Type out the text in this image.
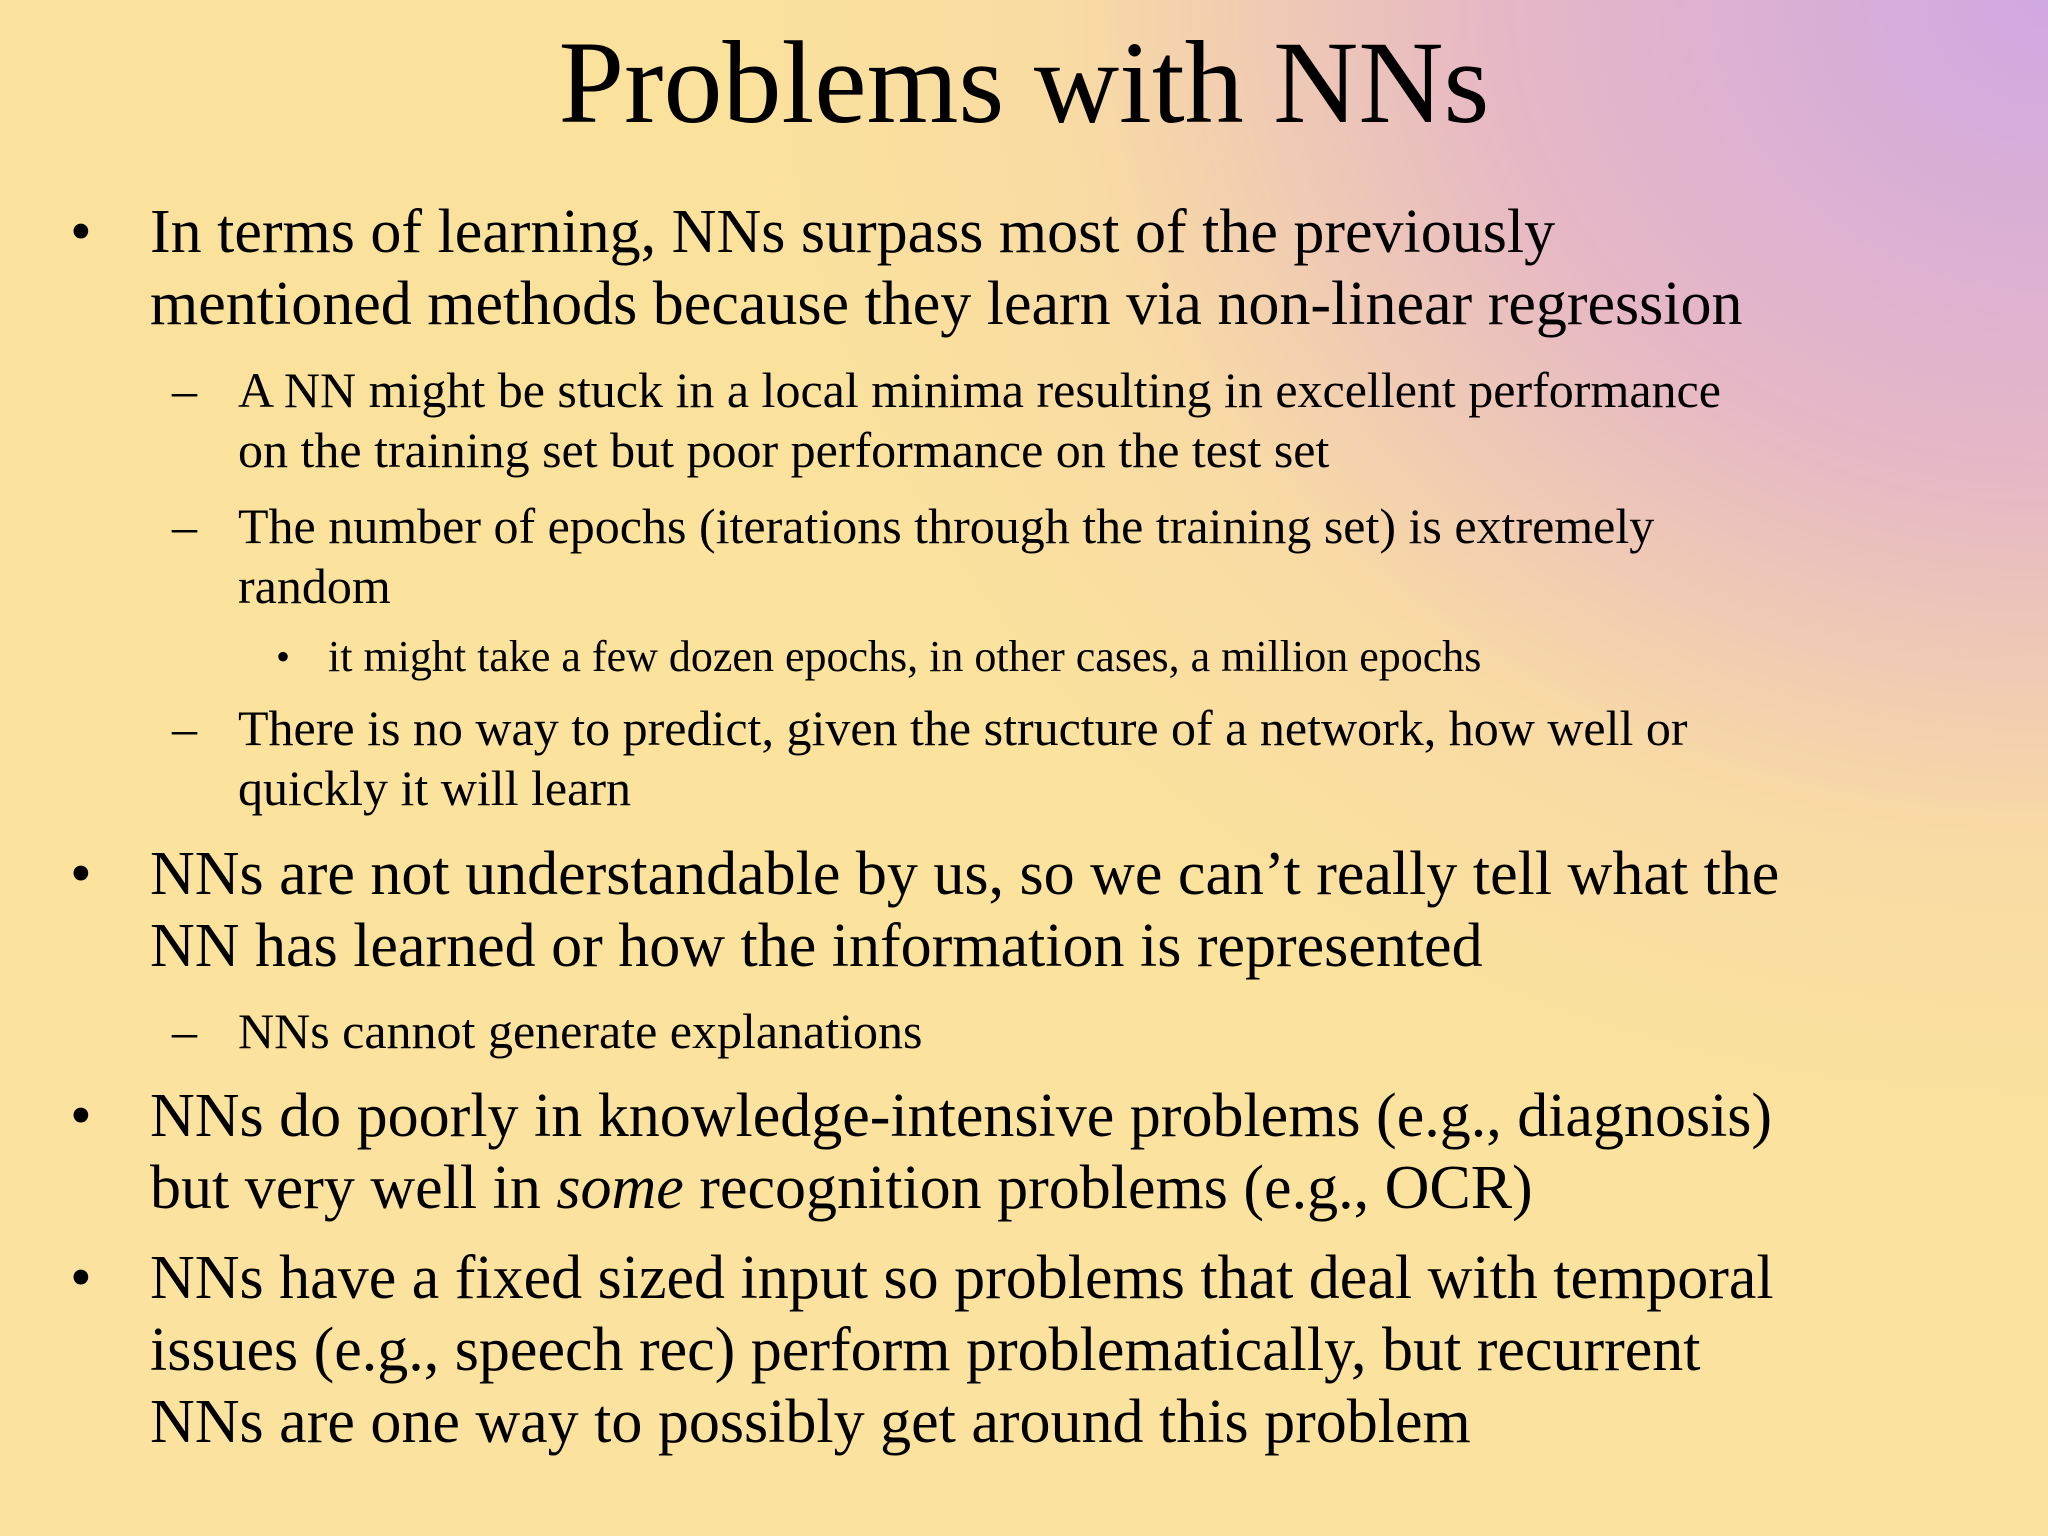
Problems with NNs
• In terms of learning, NNs surpass most of the previously
mentioned methods because they learn via non-linear regression
– A NN might be stuck in a local minima resulting in excellent performance
on the training set but poor performance on the test set
– The number of epochs (iterations through the training set) is extremely
random
• it might take a few dozen epochs, in other cases, a million epochs
– There is no way to predict, given the structure of a network, how well or
quickly it will learn
• NNs are not understandable by us, so we can’t really tell what the
NN has learned or how the information is represented
– NNs cannot generate explanations
• NNs do poorly in knowledge-intensive problems (e.g., diagnosis)
but very well in some recognition problems (e.g., OCR)
• NNs have a fixed sized input so problems that deal with temporal
issues (e.g., speech rec) perform problematically, but recurrent
NNs are one way to possibly get around this problem
